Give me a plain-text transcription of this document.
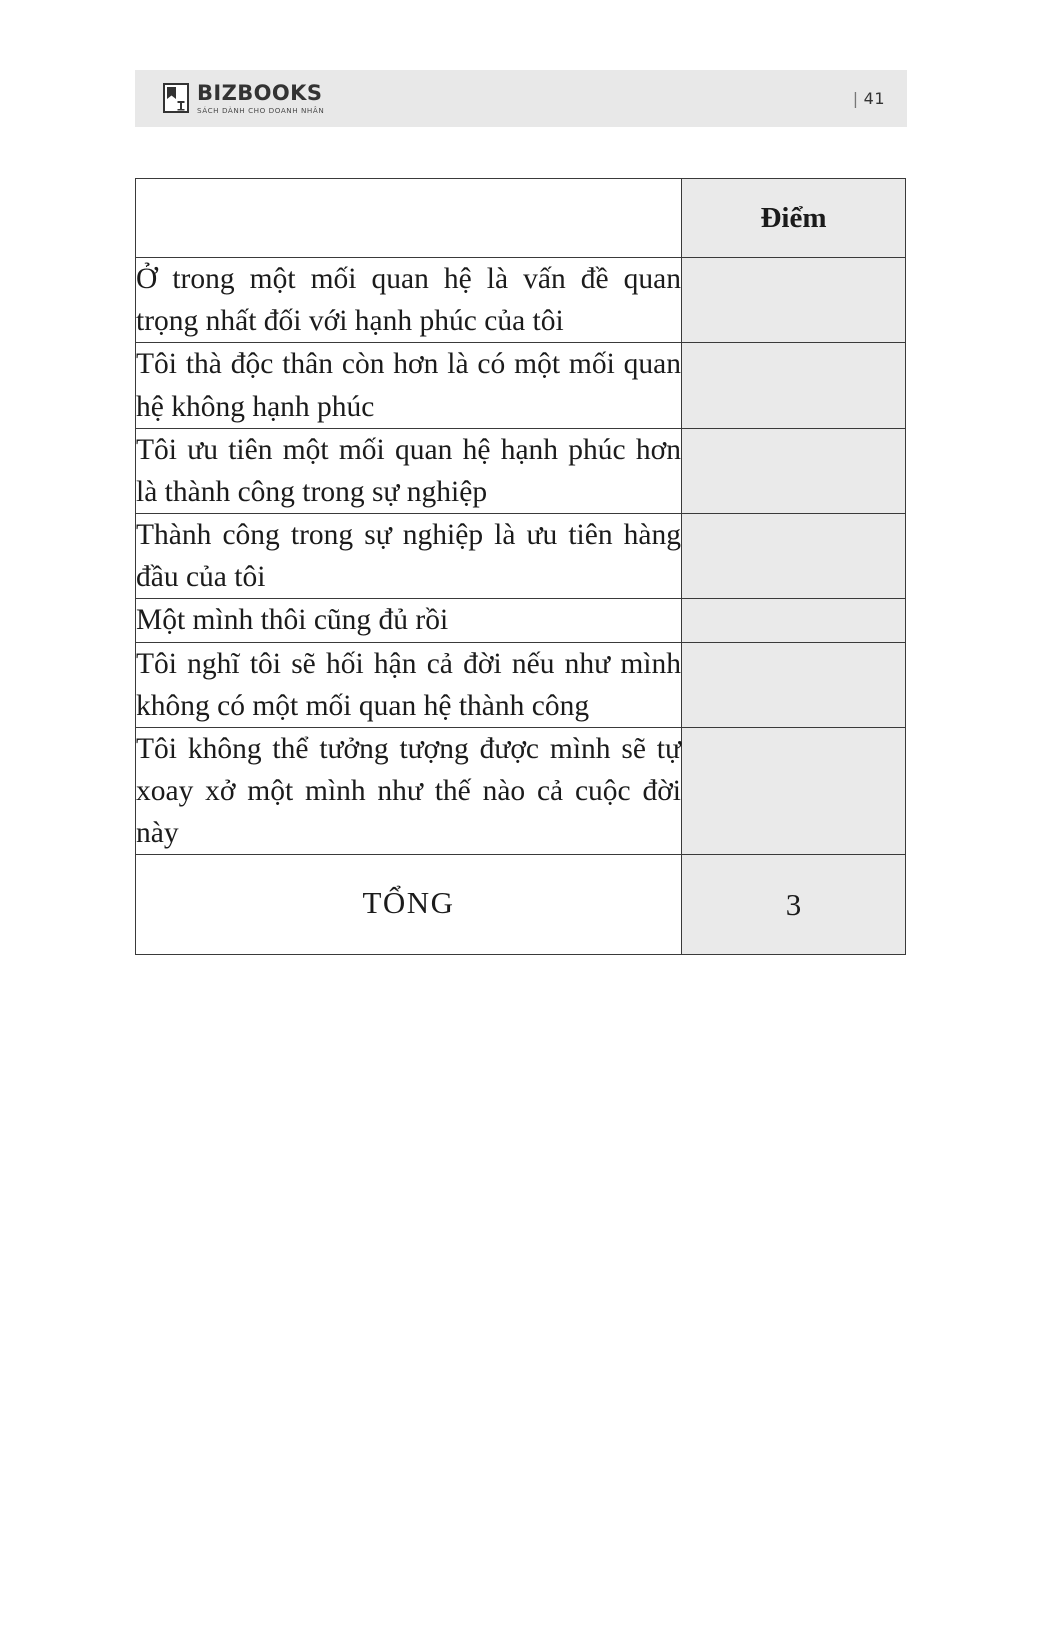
BIZBOOKS
SÁCH DÀNH CHO DOANH NHÂN
| 41
	Điểm
Ở trong một mối quan hệ là vấn đề quan trọng nhất đối với hạnh phúc của tôi	
Tôi thà độc thân còn hơn là có một mối quan hệ không hạnh phúc	
Tôi ưu tiên một mối quan hệ hạnh phúc hơn là thành công trong sự nghiệp	
Thành công trong sự nghiệp là ưu tiên hàng đầu của tôi	
Một mình thôi cũng đủ rồi	
Tôi nghĩ tôi sẽ hối hận cả đời nếu như mình không có một mối quan hệ thành công	
Tôi không thể tưởng tượng được mình sẽ tự xoay xở một mình như thế nào cả cuộc đời này	
TỔNG	3
